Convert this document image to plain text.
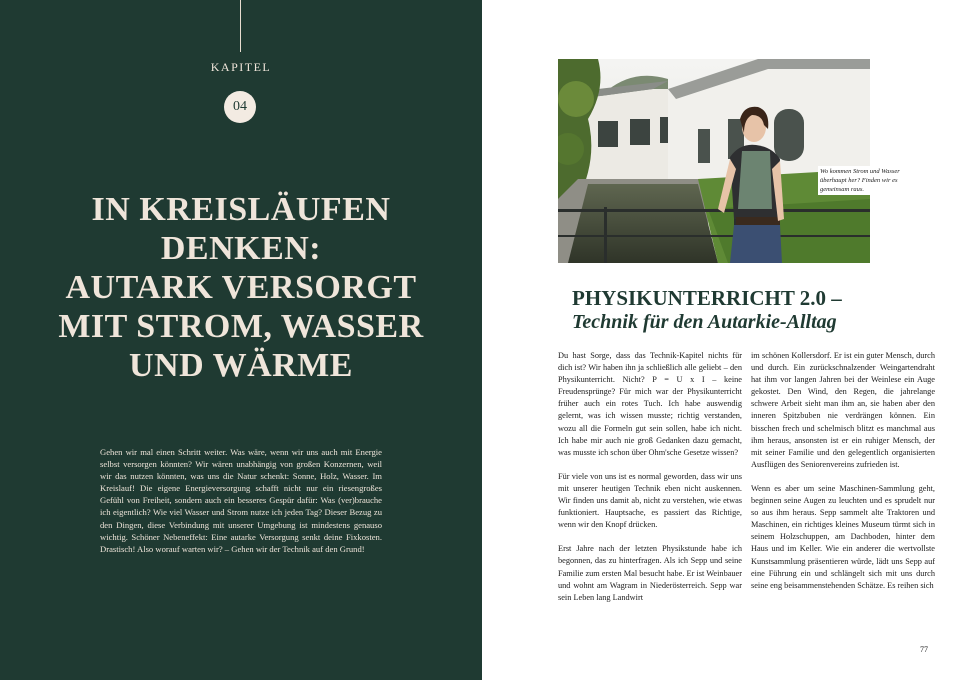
KAPITEL
04
IN KREISLÄUFEN
DENKEN:
AUTARK VERSORGT
MIT STROM, WASSER
UND WÄRME
Gehen wir mal einen Schritt weiter. Was wäre, wenn wir uns auch mit Energie selbst versorgen könnten? Wir wären unabhängig von großen Konzernen, weil wir das nutzen könnten, was uns die Natur schenkt: Sonne, Holz, Wasser. Im Kreislauf! Die eigene Energieversorgung schafft nicht nur ein riesengroßes Gefühl von Freiheit, sondern auch ein besseres Gespür dafür: Was (ver)brauche ich eigentlich? Wie viel Wasser und Strom nutze ich jeden Tag? Dieser Bezug zu den Dingen, diese Verbindung mit unserer Umgebung ist mindestens genauso wichtig. Schöner Nebeneffekt: Eine autarke Versorgung senkt deine Fixkosten. Drastisch! Also worauf warten wir? – Gehen wir der Technik auf den Grund!
Wo kommen Strom und Wasser überhaupt her? Finden wir es gemeinsam raus.
PHYSIKUNTERRICHT 2.0 –
Technik für den Autarkie-Alltag

Du hast Sorge, dass das Technik-Kapitel nichts für dich ist? Wir haben ihn ja schließlich alle geliebt – den Physikunterricht. Nicht? P = U x I – keine Freudensprünge? Für mich war der Physikunterricht früher auch ein rotes Tuch. Ich habe auswendig gelernt, was ich wissen musste; richtig verstanden, wozu all die Formeln gut sein sollen, habe ich nicht. Ich habe mir auch nie groß Gedanken dazu gemacht, was musste ich schon über Ohm'sche Gesetze wissen?

Für viele von uns ist es normal geworden, dass wir uns mit unserer heutigen Technik eben nicht auskennen. Wir finden uns damit ab, nicht zu verstehen, wie etwas funktioniert. Hauptsache, es passiert das Richtige, wenn wir den Knopf drücken.

Erst Jahre nach der letzten Physikstunde habe ich begonnen, das zu hinterfragen. Als ich Sepp und seine Familie zum ersten Mal besucht habe. Er ist Weinbauer und wohnt am Wagram in Niederösterreich. Sepp war sein Leben lang Landwirt

im schönen Kollersdorf. Er ist ein guter Mensch, durch und durch. Ein zurückschnalzender Weingartendraht hat ihm vor langen Jahren bei der Weinlese ein Auge gekostet. Den Wind, den Regen, die jahrelange schwere Arbeit sieht man ihm an, sie haben aber den inneren Spitzbuben nie verdrängen können. Ein bisschen frech und schelmisch blitzt es manchmal aus ihm heraus, ansonsten ist er ein ruhiger Mensch, der mit seiner Familie und den gelegentlich organisierten Ausflügen des Seniorenvereins zufrieden ist.

Wenn es aber um seine Maschinen-Sammlung geht, beginnen seine Augen zu leuchten und es sprudelt nur so aus ihm heraus. Sepp sammelt alte Traktoren und Maschinen, ein richtiges kleines Museum türmt sich in seinem Holzschuppen, am Dachboden, hinter dem Haus und im Keller. Wie ein anderer die wertvollste Kunstsammlung präsentieren würde, lädt uns Sepp auf eine Führung ein und schlängelt sich mit uns durch seine eng beisammenstehenden Schätze. Es reihen sich

77
